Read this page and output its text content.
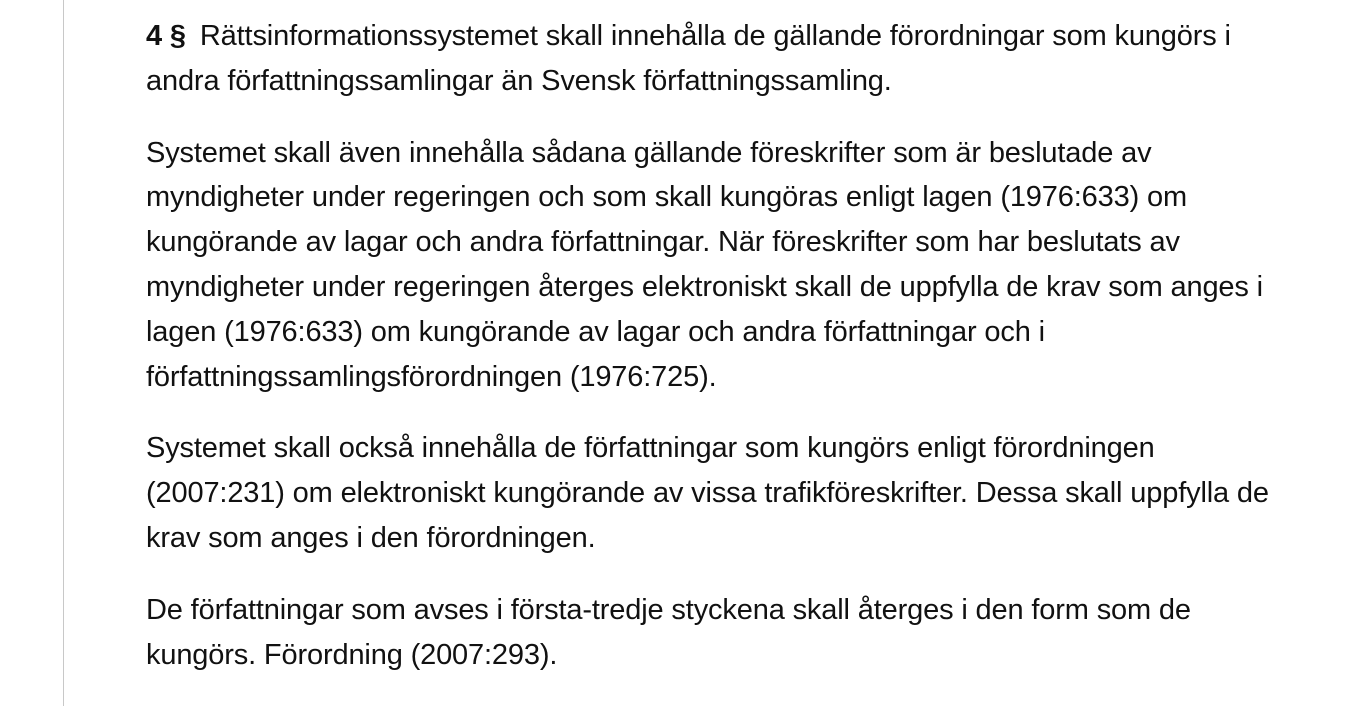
4 § Rättsinformationssystemet skall innehålla de gällande förordningar som kungörs i andra författningssamlingar än Svensk författningssamling.

Systemet skall även innehålla sådana gällande föreskrifter som är beslutade av myndigheter under regeringen och som skall kungöras enligt lagen (1976:633) om kungörande av lagar och andra författningar. När föreskrifter som har beslutats av myndigheter under regeringen återges elektroniskt skall de uppfylla de krav som anges i lagen (1976:633) om kungörande av lagar och andra författningar och i författningssamlingsförordningen (1976:725).

Systemet skall också innehålla de författningar som kungörs enligt förordningen (2007:231) om elektroniskt kungörande av vissa trafikföreskrifter. Dessa skall uppfylla de krav som anges i den förordningen.

De författningar som avses i första-tredje styckena skall återges i den form som de kungörs. Förordning (2007:293).
